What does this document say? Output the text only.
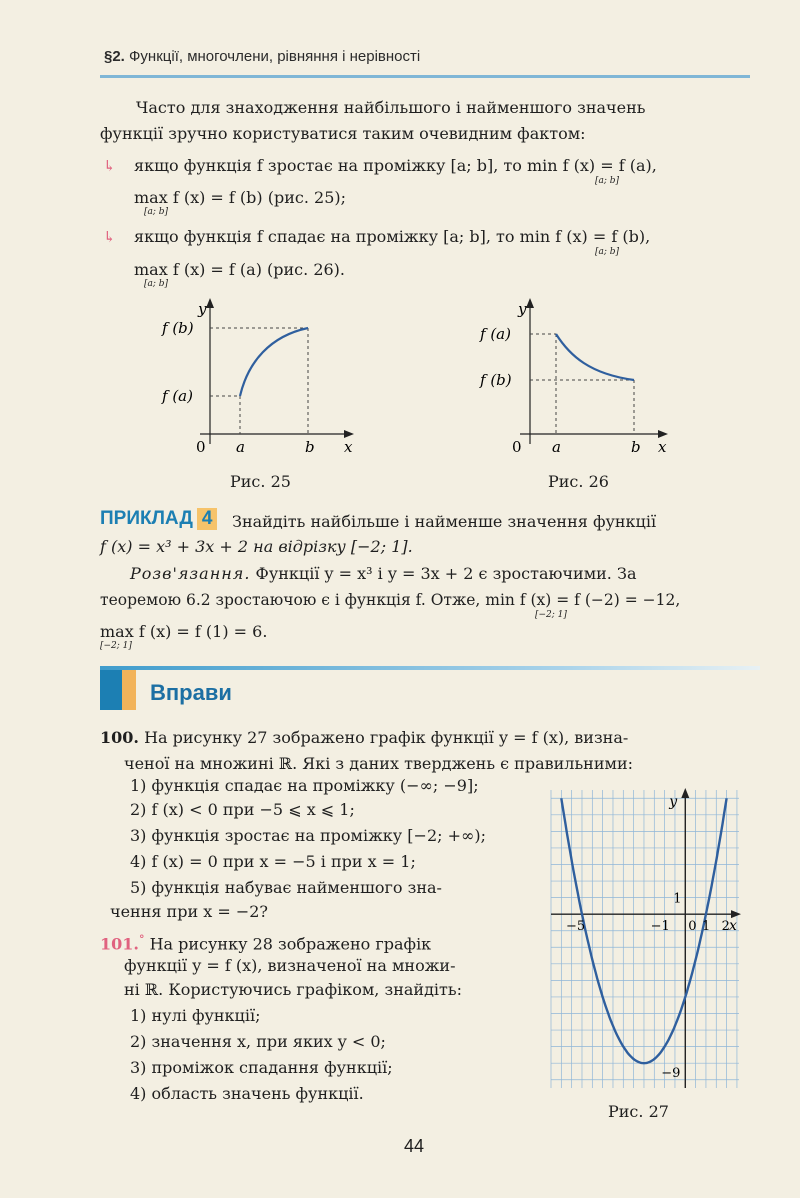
§2. Функції, многочлени, рівняння і нерівності
Часто для знаходження найбільшого і найменшого значень
функції зручно користуватися таким очевидним фактом:
↳ якщо функція f зростає на проміжку [a; b], то min f (x) = f (a),
[a; b]
max f (x) = f (b) (рис. 25);
[a; b]
↳ якщо функція f спадає на проміжку [a; b], то min f (x) = f (b),
[a; b]
max f (x) = f (a) (рис. 26).
[a; b]
y
x
0
f (b)
f (a)
a	b
Рис. 25
y
x
0
f (a)
f (b)
a	b
Рис. 26
ПРИКЛАД 4	Знайдіть найбільше і найменше значення функції
f (x) = x³ + 3x + 2 на відрізку [−2; 1].
Розв'язання. Функції y = x³ і y = 3x + 2 є зростаючими. За
теоремою 6.2 зростаючою є і функція f. Отже, min f (x) = f (−2) = −12,
[−2; 1]
max f (x) = f (1) = 6.
[−2; 1]
Вправи
100. На рисунку 27 зображено графік функції y = f (x), визна-
ченої на множині ℝ. Які з даних тверджень є правильними:
1) функція спадає на проміжку (−∞; −9];
2) f (x) < 0 при −5 ⩽ x ⩽ 1;
3) функція зростає на проміжку [−2; +∞);
4) f (x) = 0 при x = −5 і при x = 1;
5) функція набуває найменшого зна-
чення при x = −2?
101.° На рисунку 28 зображено графік
функції y = f (x), визначеної на множи-
ні ℝ. Користуючись графіком, знайдіть:
1) нулі функції;
2) значення x, при яких y < 0;
3) проміжок спадання функції;
4) область значень функції.
y
x
−5	−1 0 1 2
1
−9
Рис. 27
44
